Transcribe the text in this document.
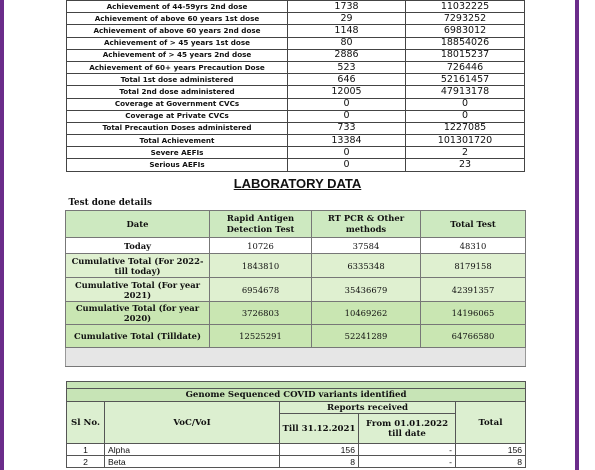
Achievement of 44-59yrs 2nd dose	1738	11032225
Achievement of above 60 years 1st dose	29	7293252
Achievement of above 60 years 2nd dose	1148	6983012
Achievement of > 45 years 1st dose	80	18854026
Achievement of > 45 years 2nd dose	2886	18015237
Achievement of 60+ years Precaution Dose	523	726446
Total 1st dose administered	646	52161457
Total 2nd dose administered	12005	47913178
Coverage at Government CVCs	0	0
Coverage at Private CVCs	0	0
Total Precaution Doses administered	733	1227085
Total Achievement	13384	101301720
Severe AEFIs	0	2
Serious AEFIs	0	23
LABORATORY DATA
Test done details			
Date	Rapid Antigen Detection Test	RT PCR & Other methods	Total Test
Today	10726	37584	48310
Cumulative Total (For 2022- till today)	1843810	6335348	8179158
Cumulative Total (For year 2021)	6954678	35436679	42391357
Cumulative Total (for year 2020)	3726803	10469262	14196065
Cumulative Total (Tilldate)	12525291	52241289	64766580

Genome Sequenced COVID variants identified				
Sl No.	VoC/VoI	Reports received		Total
		Till 31.12.2021	From 01.01.2022 till date	
1	Alpha	156	-	156
2	Beta	8	-	8
